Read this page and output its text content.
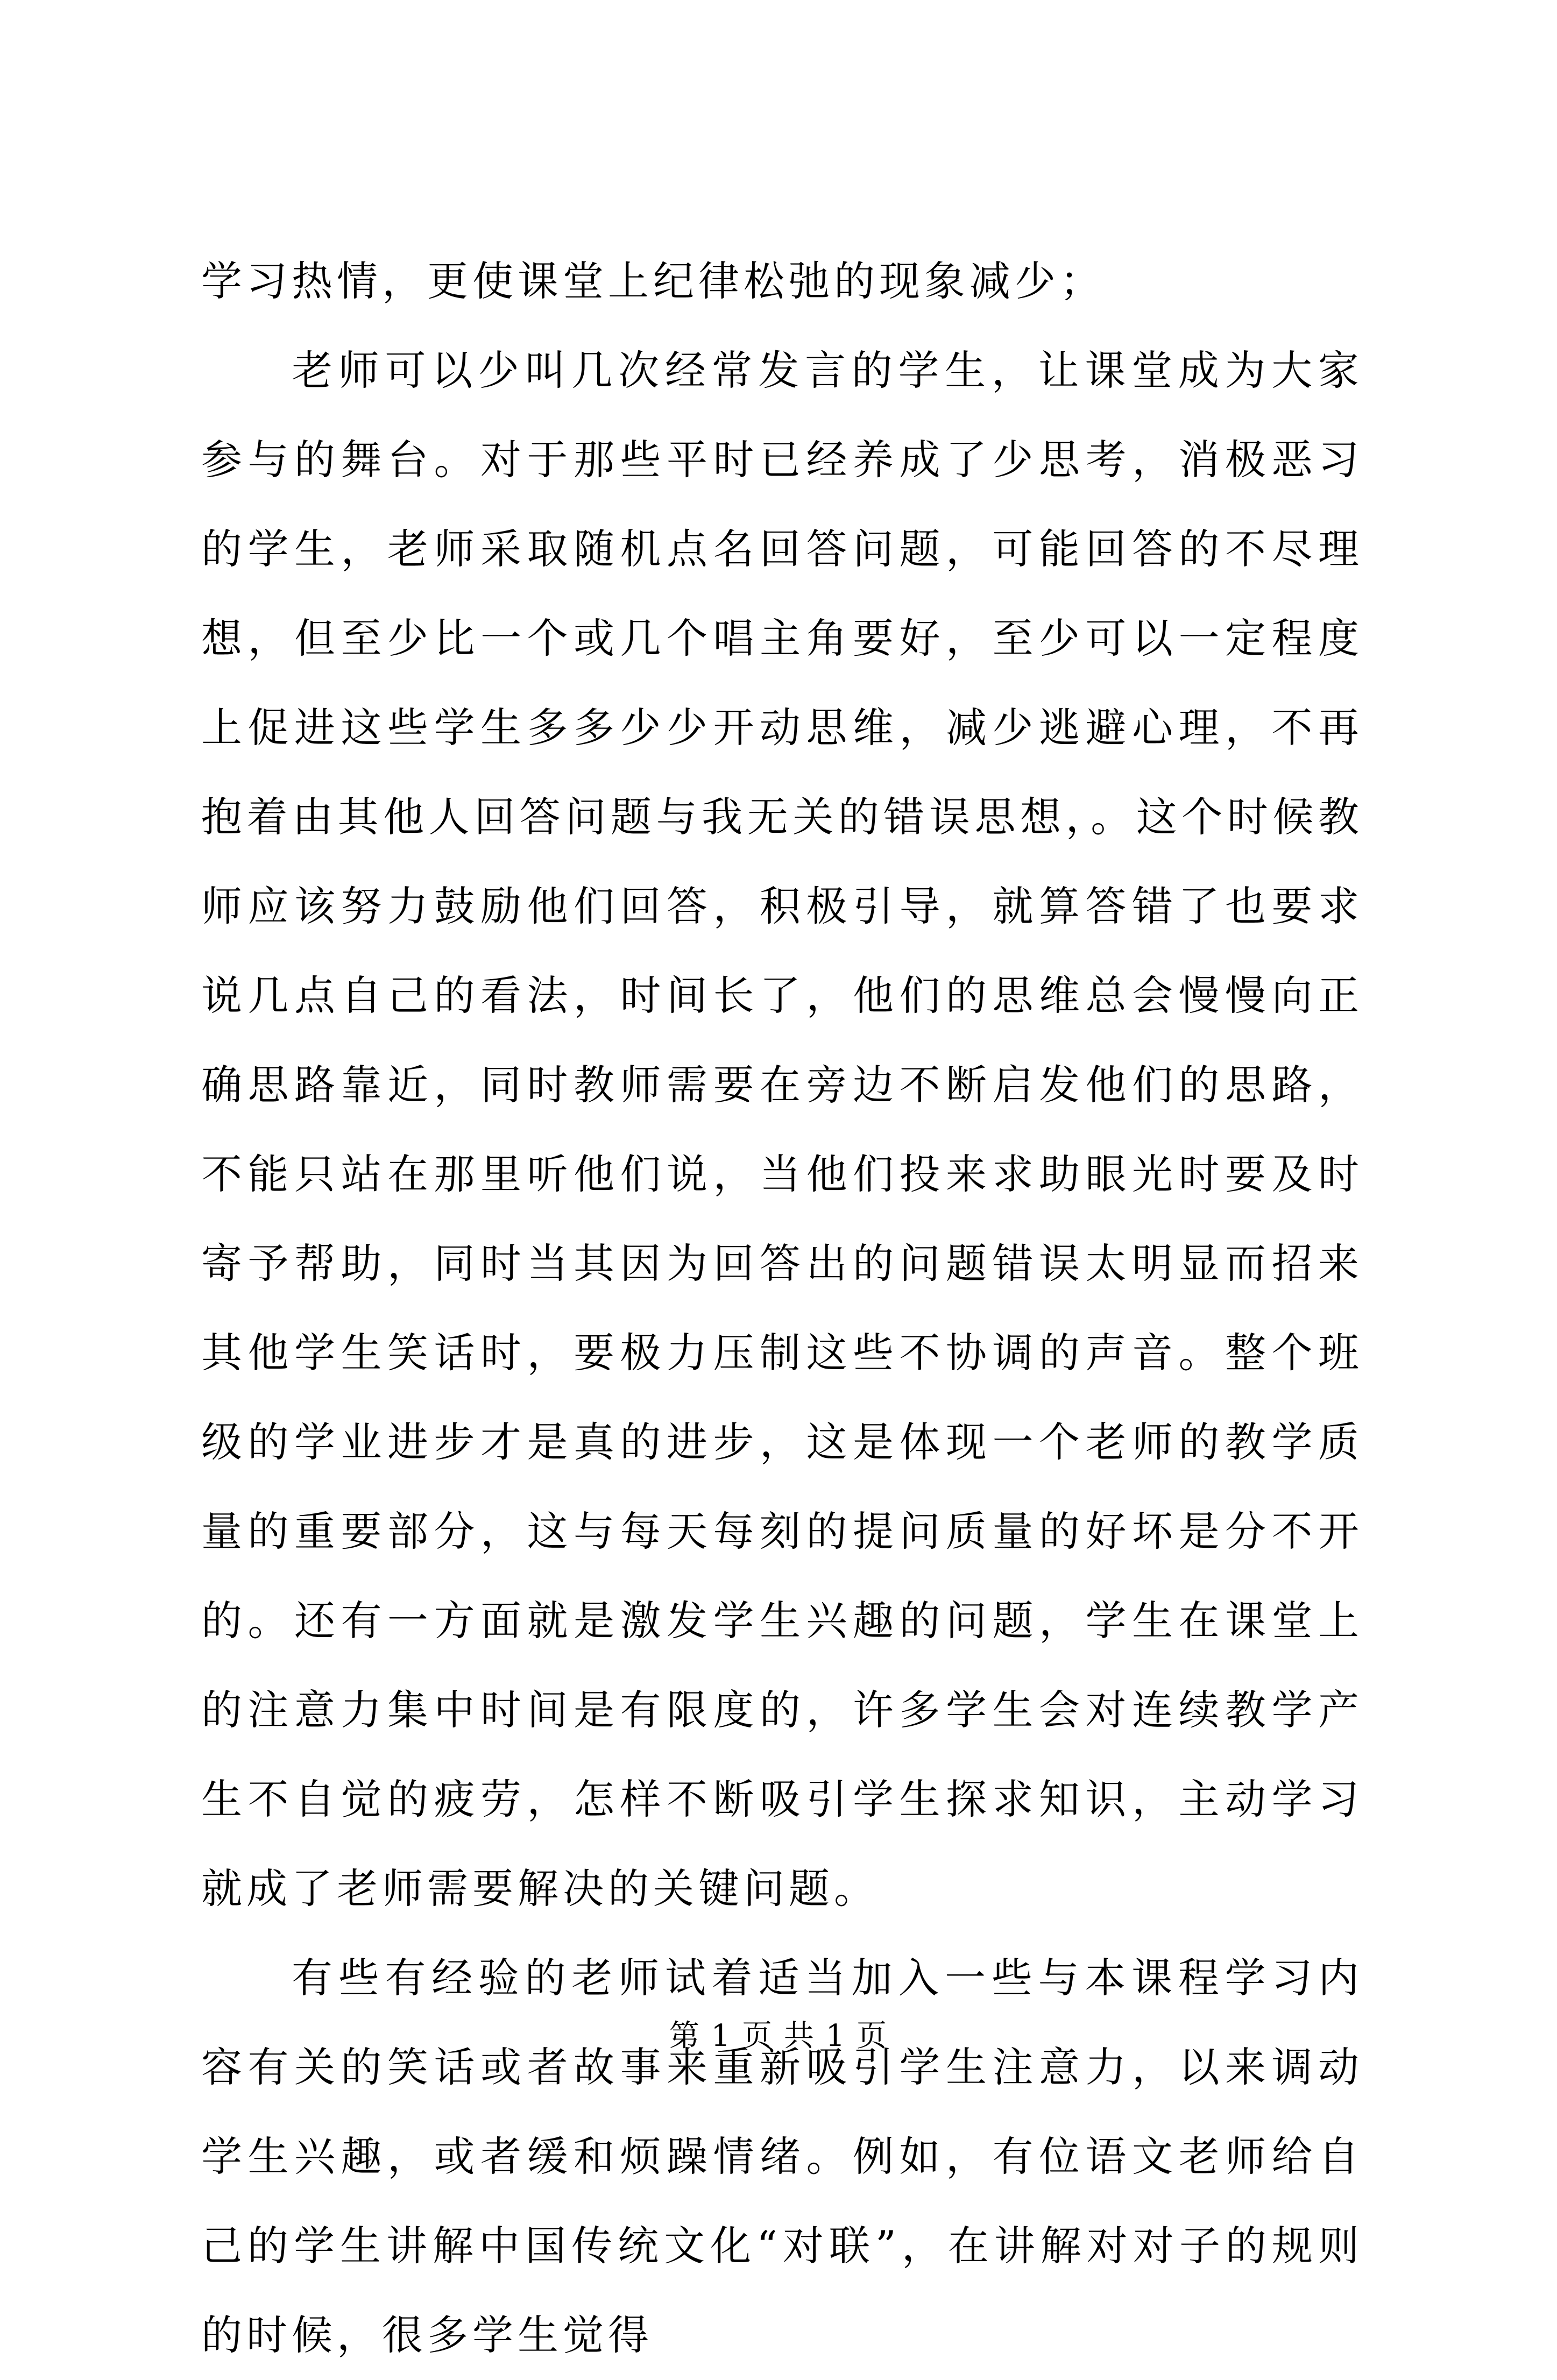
学习热情，更使课堂上纪律松弛的现象减少；

老师可以少叫几次经常发言的学生，让课堂成为大家参与的舞台。对于那些平时已经养成了少思考，消极恶习的学生，老师采取随机点名回答问题，可能回答的不尽理想，但至少比一个或几个唱主角要好，至少可以一定程度上促进这些学生多多少少开动思维，减少逃避心理，不再抱着由其他人回答问题与我无关的错误思想，。这个时候教师应该努力鼓励他们回答，积极引导，就算答错了也要求说几点自己的看法，时间长了，他们的思维总会慢慢向正确思路靠近，同时教师需要在旁边不断启发他们的思路，不能只站在那里听他们说，当他们投来求助眼光时要及时寄予帮助，同时当其因为回答出的问题错误太明显而招来其他学生笑话时，要极力压制这些不协调的声音。整个班级的学业进步才是真的进步，这是体现一个老师的教学质量的重要部分，这与每天每刻的提问质量的好坏是分不开的。还有一方面就是激发学生兴趣的问题，学生在课堂上的注意力集中时间是有限度的，许多学生会对连续教学产生不自觉的疲劳，怎样不断吸引学生探求知识，主动学习就成了老师需要解决的关键问题。

有些有经验的老师试着适当加入一些与本课程学习内容有关的笑话或者故事来重新吸引学生注意力，以来调动学生兴趣，或者缓和烦躁情绪。例如，有位语文老师给自己的学生讲解中国传统文化“对联”，在讲解对对子的规则的时候，很多学生觉得

第 1 页 共 1 页
